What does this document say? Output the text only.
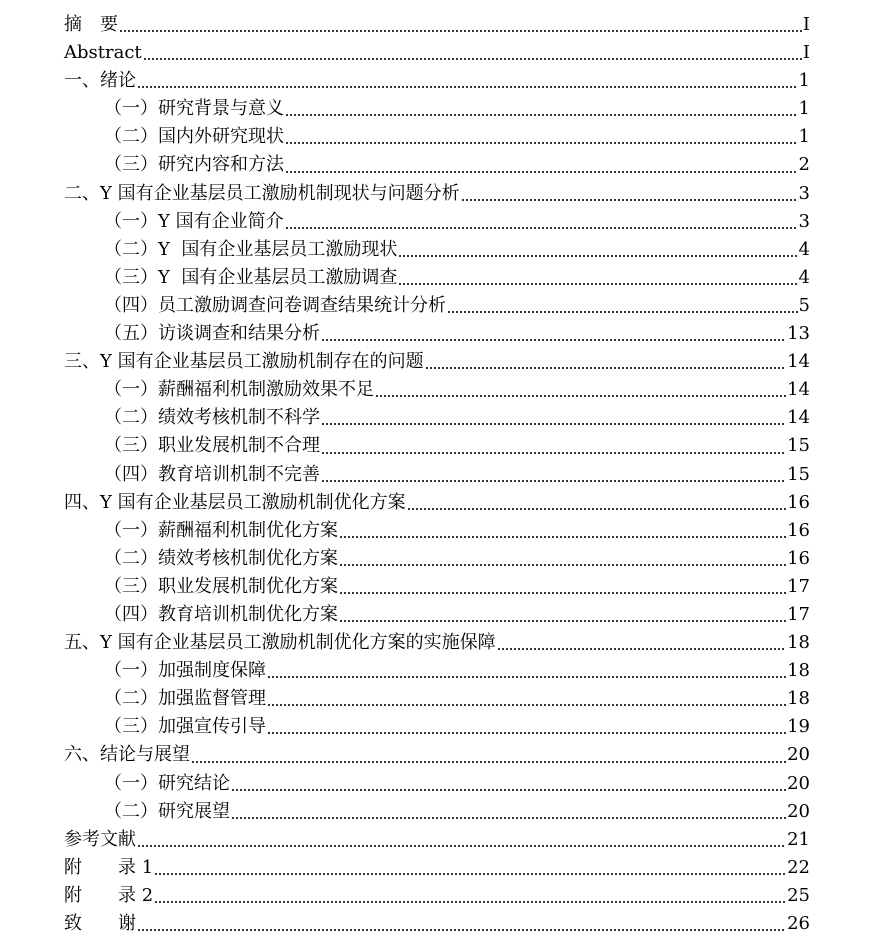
摘　要	I
Abstract	I
一、绪论	1
（一）研究背景与意义	1
（二）国内外研究现状	1
（三）研究内容和方法	2
二、Y 国有企业基层员工激励机制现状与问题分析	3
（一）Y 国有企业简介	3
（二）Y  国有企业基层员工激励现状	4
（三）Y  国有企业基层员工激励调查	4
（四）员工激励调查问卷调查结果统计分析	5
（五）访谈调查和结果分析	13
三、Y 国有企业基层员工激励机制存在的问题	14
（一）薪酬福利机制激励效果不足	14
（二）绩效考核机制不科学	14
（三）职业发展机制不合理	15
（四）教育培训机制不完善	15
四、Y 国有企业基层员工激励机制优化方案	16
（一）薪酬福利机制优化方案	16
（二）绩效考核机制优化方案	16
（三）职业发展机制优化方案	17
（四）教育培训机制优化方案	17
五、Y 国有企业基层员工激励机制优化方案的实施保障	18
（一）加强制度保障	18
（二）加强监督管理	18
（三）加强宣传引导	19
六、结论与展望	20
（一）研究结论	20
（二）研究展望	20
参考文献	21
附　　录 1	22
附　　录 2	25
致　　谢	26
